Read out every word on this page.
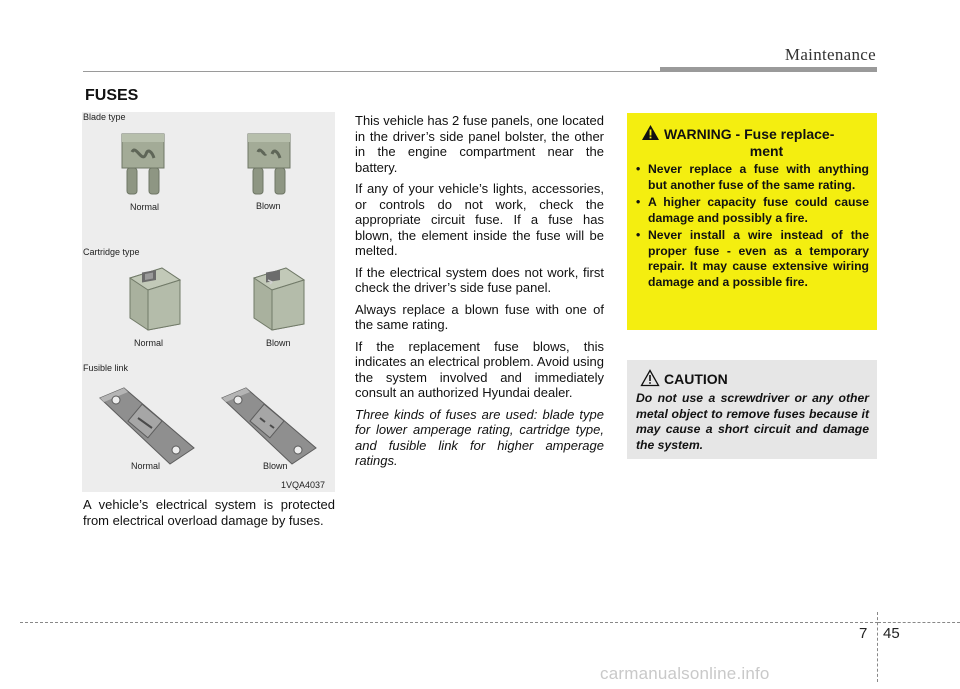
Maintenance
FUSES
Blade type
Normal	Blown
Cartridge type
Normal	Blown
Fusible link
Normal	Blown
1VQA4037
A vehicle’s electrical system is protected from electrical overload damage by fuses.

This vehicle has 2 fuse panels, one located in the driver’s side panel bolster, the other in the engine compartment near the battery.

If any of your vehicle’s lights, accessories, or controls do not work, check the appropriate circuit fuse. If a fuse has blown, the element inside the fuse will be melted.

If the electrical system does not work, first check the driver’s side fuse panel.

Always replace a blown fuse with one of the same rating.

If the replacement fuse blows, this indicates an electrical problem. Avoid using the system involved and immediately consult an authorized Hyundai dealer.

Three kinds of fuses are used: blade type for lower amperage rating, cartridge type, and fusible link for higher amperage ratings.

WARNING - Fuse replace-
ment
• Never replace a fuse with anything but another fuse of the same rating.
• A higher capacity fuse could cause damage and possibly a fire.
• Never install a wire instead of the proper fuse - even as a temporary repair. It may cause extensive wiring damage and a possible fire.
CAUTION
Do not use a screwdriver or any other metal object to remove fuses because it may cause a short circuit and damage the system.
7 45
carmanualsonline.info
